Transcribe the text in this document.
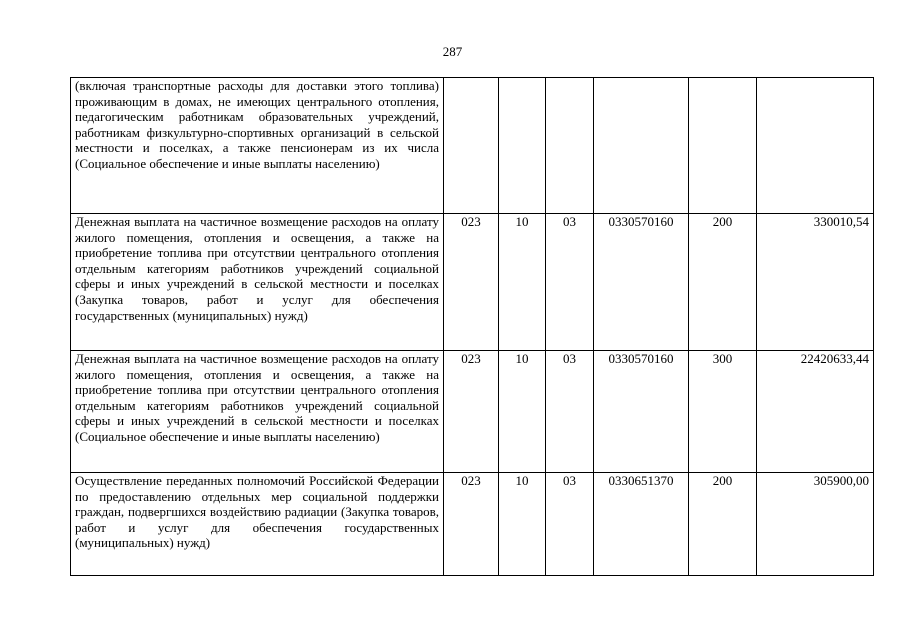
287
(включая транспортные расходы для доставки этого топлива) проживающим в домах, не имеющих центрального отопления, педагогическим работникам образовательных учреждений, работникам физкультурно-спортивных организаций в сельской местности и поселках, а также пенсионерам из их числа (Социальное обеспечение и иные выплаты населению)						
Денежная выплата на частичное возмещение расходов на оплату жилого помещения, отопления и освещения, а также на приобретение топлива при отсутствии центрального отопления отдельным категориям работников учреждений социальной сферы и иных учреждений в сельской местности и поселках (Закупка товаров, работ и услуг для обеспечения государственных (муниципальных) нужд)	023	10	03	0330570160	200	330010,54
Денежная выплата на частичное возмещение расходов на оплату жилого помещения, отопления и освещения, а также на приобретение топлива при отсутствии центрального отопления отдельным категориям работников учреждений социальной сферы и иных учреждений в сельской местности и поселках (Социальное обеспечение и иные выплаты населению)	023	10	03	0330570160	300	22420633,44
Осуществление переданных полномочий Российской Федерации по предоставлению отдельных мер социальной поддержки граждан, подвергшихся воздействию радиации (Закупка товаров, работ и услуг для обеспечения государственных (муниципальных) нужд)	023	10	03	0330651370	200	305900,00
